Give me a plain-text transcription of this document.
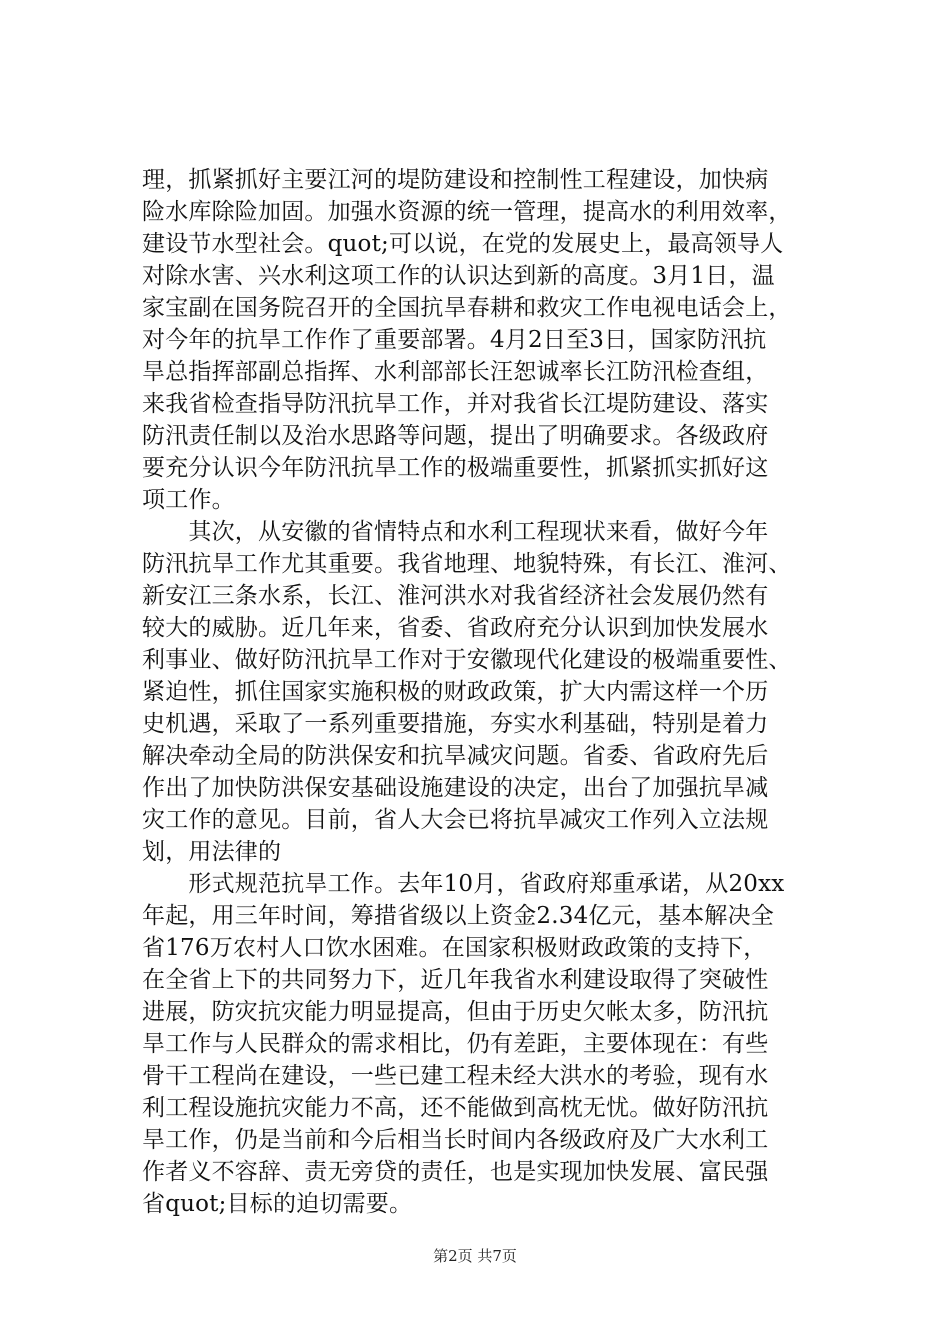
理，抓紧抓好主要江河的堤防建设和控制性工程建设，加快病
险水库除险加固。加强水资源的统一管理，提高水的利用效率，
建设节水型社会。quot;可以说，在党的发展史上，最高领导人
对除水害、兴水利这项工作的认识达到新的高度。3月1日，温
家宝副在国务院召开的全国抗旱春耕和救灾工作电视电话会上，
对今年的抗旱工作作了重要部署。4月2日至3日，国家防汛抗
旱总指挥部副总指挥、水利部部长汪恕诚率长江防汛检查组，
来我省检查指导防汛抗旱工作，并对我省长江堤防建设、落实
防汛责任制以及治水思路等问题，提出了明确要求。各级政府
要充分认识今年防汛抗旱工作的极端重要性，抓紧抓实抓好这
项工作。
　　其次，从安徽的省情特点和水利工程现状来看，做好今年
防汛抗旱工作尤其重要。我省地理、地貌特殊，有长江、淮河、
新安江三条水系，长江、淮河洪水对我省经济社会发展仍然有
较大的威胁。近几年来，省委、省政府充分认识到加快发展水
利事业、做好防汛抗旱工作对于安徽现代化建设的极端重要性、
紧迫性，抓住国家实施积极的财政政策，扩大内需这样一个历
史机遇，采取了一系列重要措施，夯实水利基础，特别是着力
解决牵动全局的防洪保安和抗旱减灾问题。省委、省政府先后
作出了加快防洪保安基础设施建设的决定，出台了加强抗旱减
灾工作的意见。目前，省人大会已将抗旱减灾工作列入立法规
划，用法律的
　　形式规范抗旱工作。去年10月，省政府郑重承诺，从20xx
年起，用三年时间，筹措省级以上资金2.34亿元，基本解决全
省176万农村人口饮水困难。在国家积极财政政策的支持下，
在全省上下的共同努力下，近几年我省水利建设取得了突破性
进展，防灾抗灾能力明显提高，但由于历史欠帐太多，防汛抗
旱工作与人民群众的需求相比，仍有差距，主要体现在：有些
骨干工程尚在建设，一些已建工程未经大洪水的考验，现有水
利工程设施抗灾能力不高，还不能做到高枕无忧。做好防汛抗
旱工作，仍是当前和今后相当长时间内各级政府及广大水利工
作者义不容辞、责无旁贷的责任，也是实现加快发展、富民强
省quot;目标的迫切需要。
第2页 共7页
